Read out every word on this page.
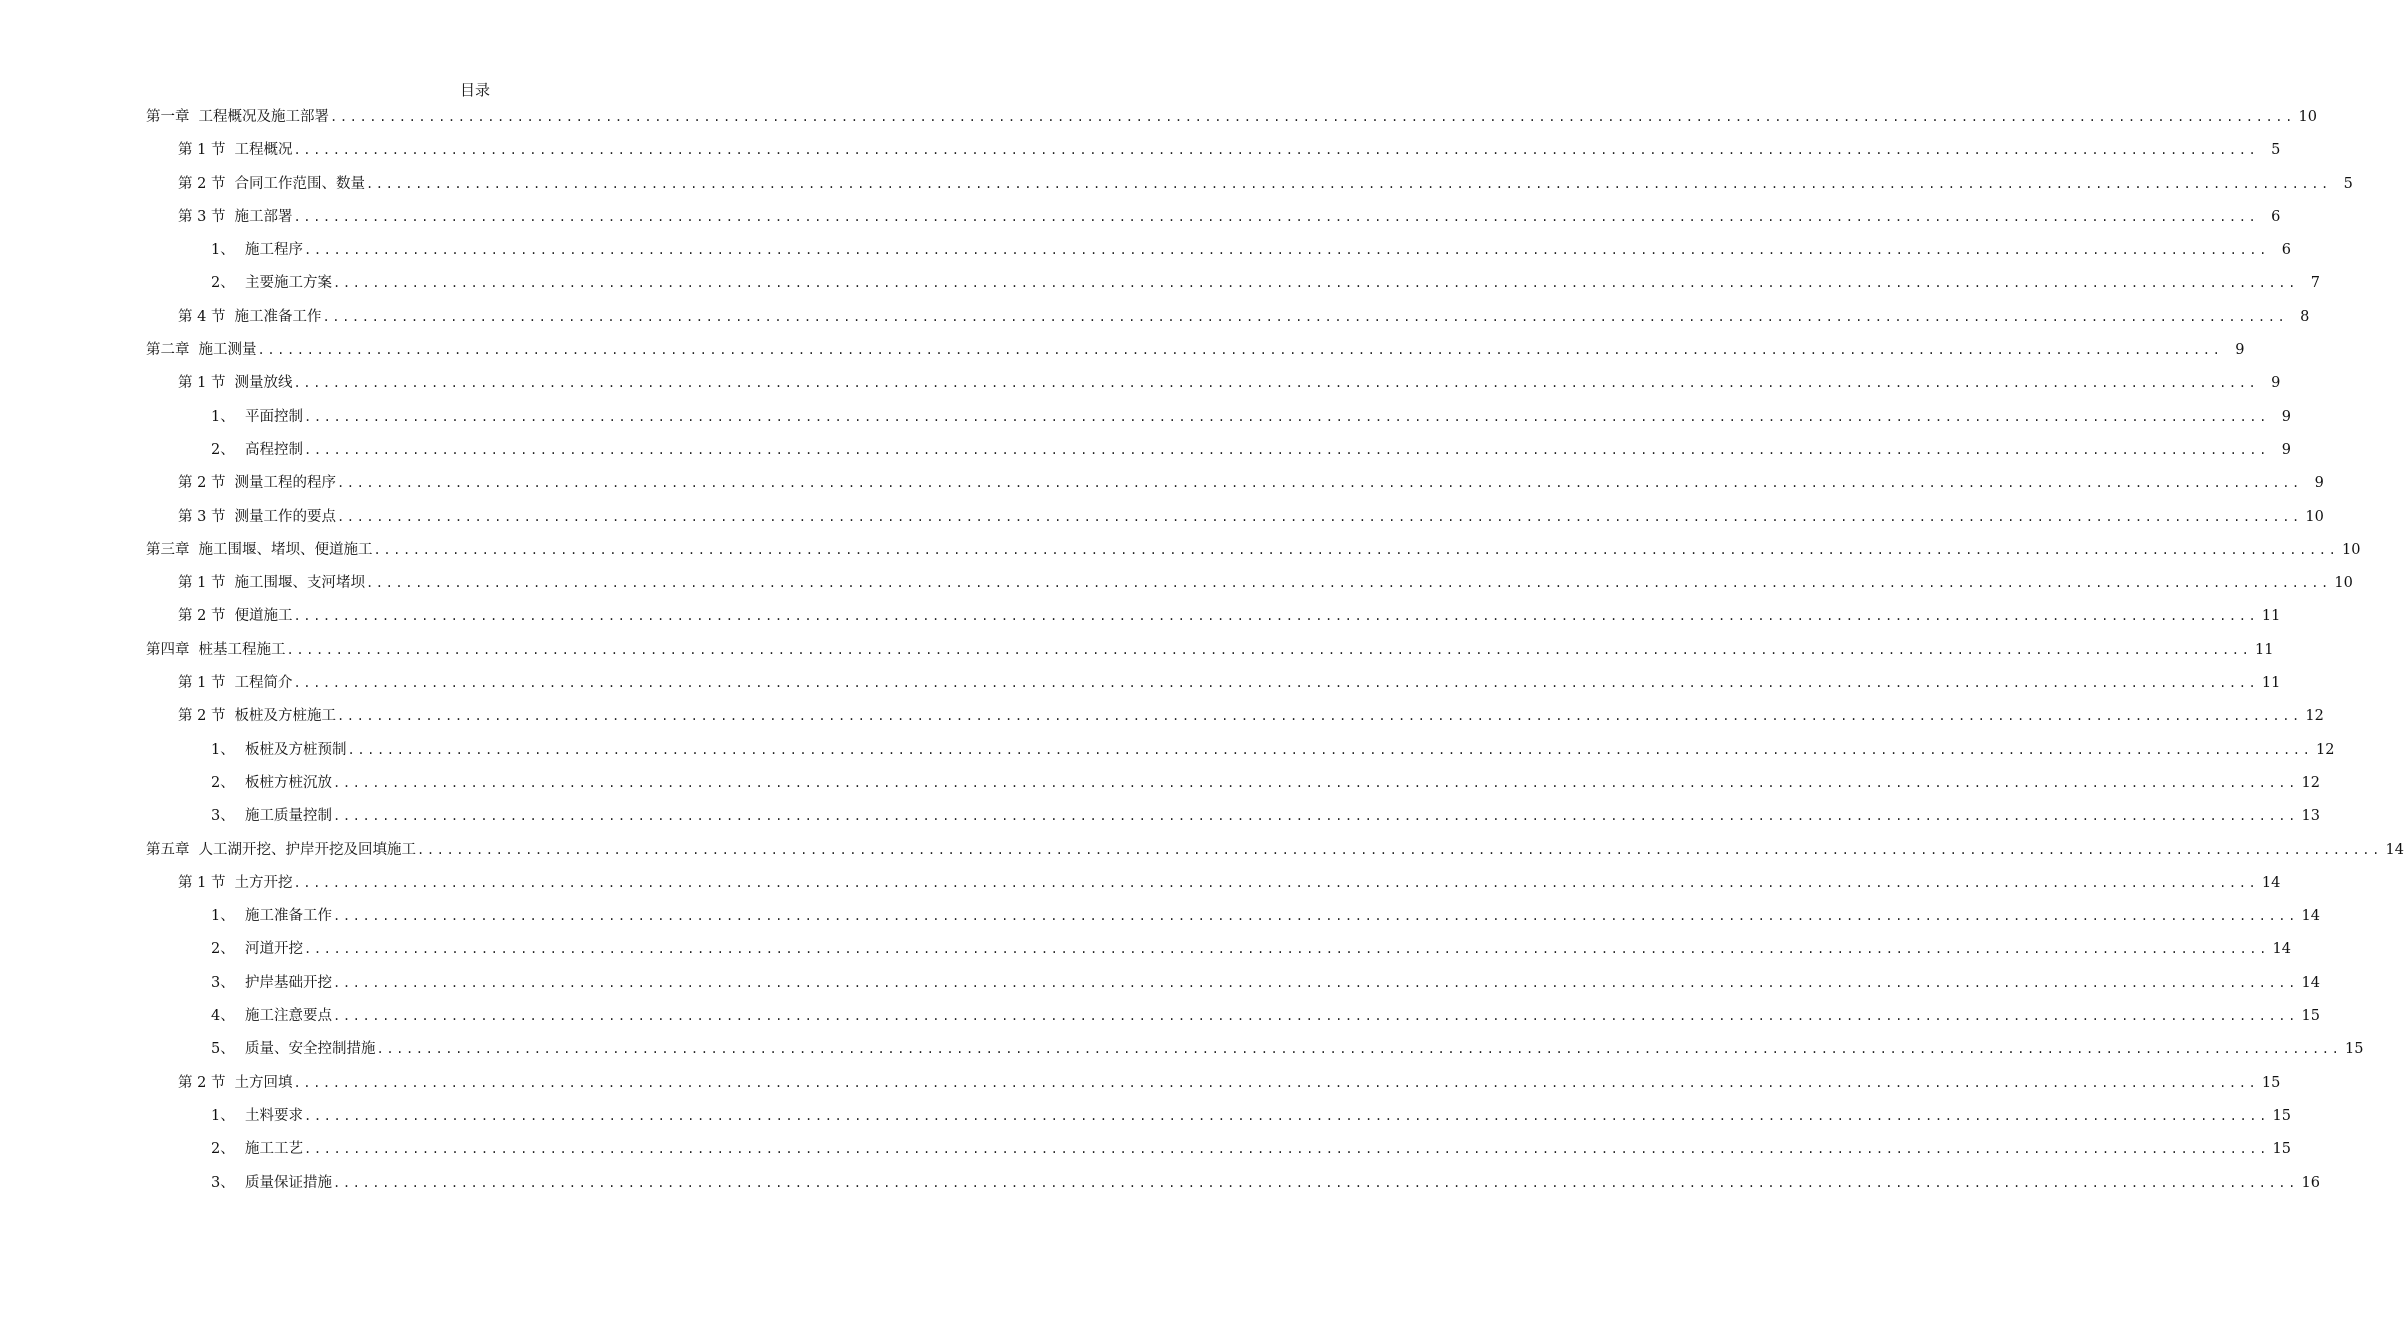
目录
第一章 工程概况及施工部署 ........................................................................................................................................................................................................ 10
第 1 节 工程概况 ........................................................................................................................................................................................................ 5
第 2 节 合同工作范围、数量 ........................................................................................................................................................................................................ 5
第 3 节 施工部署 ........................................................................................................................................................................................................ 6
1、 施工程序 ........................................................................................................................................................................................................ 6
2、 主要施工方案 ........................................................................................................................................................................................................ 7
第 4 节 施工准备工作 ........................................................................................................................................................................................................ 8
第二章 施工测量 ........................................................................................................................................................................................................ 9
第 1 节 测量放线 ........................................................................................................................................................................................................ 9
1、 平面控制 ........................................................................................................................................................................................................ 9
2、 高程控制 ........................................................................................................................................................................................................ 9
第 2 节 测量工程的程序 ........................................................................................................................................................................................................ 9
第 3 节 测量工作的要点 ........................................................................................................................................................................................................ 10
第三章 施工围堰、堵坝、便道施工 ........................................................................................................................................................................................................ 10
第 1 节 施工围堰、支河堵坝 ........................................................................................................................................................................................................ 10
第 2 节 便道施工 ........................................................................................................................................................................................................ 11
第四章 桩基工程施工 ........................................................................................................................................................................................................ 11
第 1 节 工程简介 ........................................................................................................................................................................................................ 11
第 2 节 板桩及方桩施工 ........................................................................................................................................................................................................ 12
1、 板桩及方桩预制 ........................................................................................................................................................................................................ 12
2、 板桩方桩沉放 ........................................................................................................................................................................................................ 12
3、 施工质量控制 ........................................................................................................................................................................................................ 13
第五章 人工湖开挖、护岸开挖及回填施工 ........................................................................................................................................................................................................ 14
第 1 节 土方开挖 ........................................................................................................................................................................................................ 14
1、 施工准备工作 ........................................................................................................................................................................................................ 14
2、 河道开挖 ........................................................................................................................................................................................................ 14
3、 护岸基础开挖 ........................................................................................................................................................................................................ 14
4、 施工注意要点 ........................................................................................................................................................................................................ 15
5、 质量、安全控制措施 ........................................................................................................................................................................................................ 15
第 2 节 土方回填 ........................................................................................................................................................................................................ 15
1、 土料要求 ........................................................................................................................................................................................................ 15
2、 施工工艺 ........................................................................................................................................................................................................ 15
3、 质量保证措施 ........................................................................................................................................................................................................ 16
